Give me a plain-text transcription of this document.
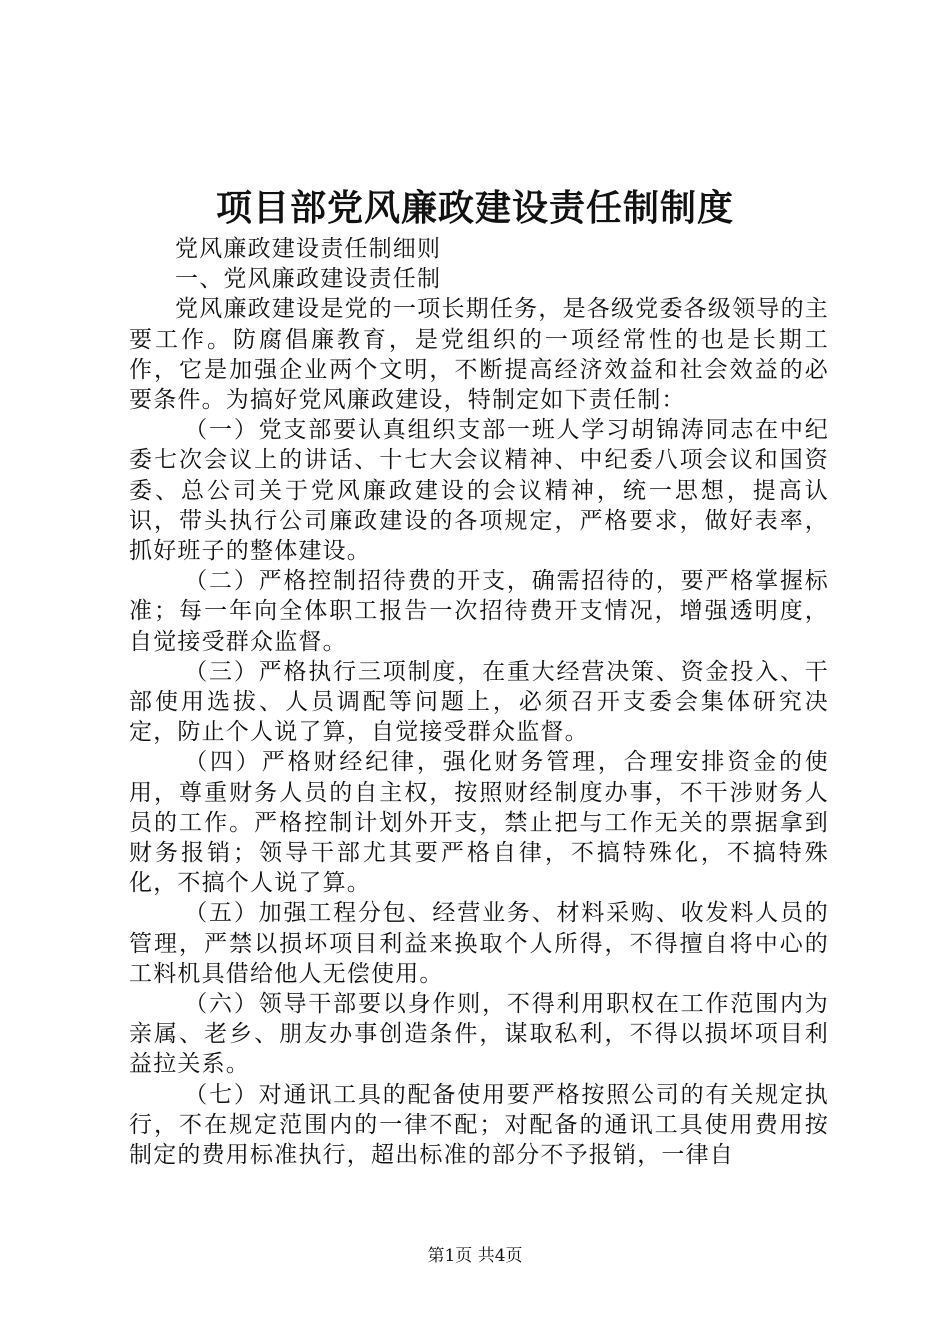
项目部党风廉政建设责任制制度

党风廉政建设责任制细则

一、党风廉政建设责任制

党风廉政建设是党的一项长期任务，是各级党委各级领导的主要工作。防腐倡廉教育，是党组织的一项经常性的也是长期工作，它是加强企业两个文明，不断提高经济效益和社会效益的必要条件。为搞好党风廉政建设，特制定如下责任制：

（一）党支部要认真组织支部一班人学习胡锦涛同志在中纪委七次会议上的讲话、十七大会议精神、中纪委八项会议和国资委、总公司关于党风廉政建设的会议精神，统一思想，提高认识，带头执行公司廉政建设的各项规定，严格要求，做好表率，抓好班子的整体建设。

（二）严格控制招待费的开支，确需招待的，要严格掌握标准；每一年向全体职工报告一次招待费开支情况，增强透明度，自觉接受群众监督。

（三）严格执行三项制度，在重大经营决策、资金投入、干部使用选拔、人员调配等问题上，必须召开支委会集体研究决定，防止个人说了算，自觉接受群众监督。

（四）严格财经纪律，强化财务管理，合理安排资金的使用，尊重财务人员的自主权，按照财经制度办事，不干涉财务人员的工作。严格控制计划外开支，禁止把与工作无关的票据拿到财务报销；领导干部尤其要严格自律，不搞特殊化，不搞特殊化，不搞个人说了算。

（五）加强工程分包、经营业务、材料采购、收发料人员的管理，严禁以损坏项目利益来换取个人所得，不得擅自将中心的工料机具借给他人无偿使用。

（六）领导干部要以身作则，不得利用职权在工作范围内为亲属、老乡、朋友办事创造条件，谋取私利，不得以损坏项目利益拉关系。

（七）对通讯工具的配备使用要严格按照公司的有关规定执行，不在规定范围内的一律不配；对配备的通讯工具使用费用按制定的费用标准执行，超出标准的部分不予报销，一律自

第1页 共4页
